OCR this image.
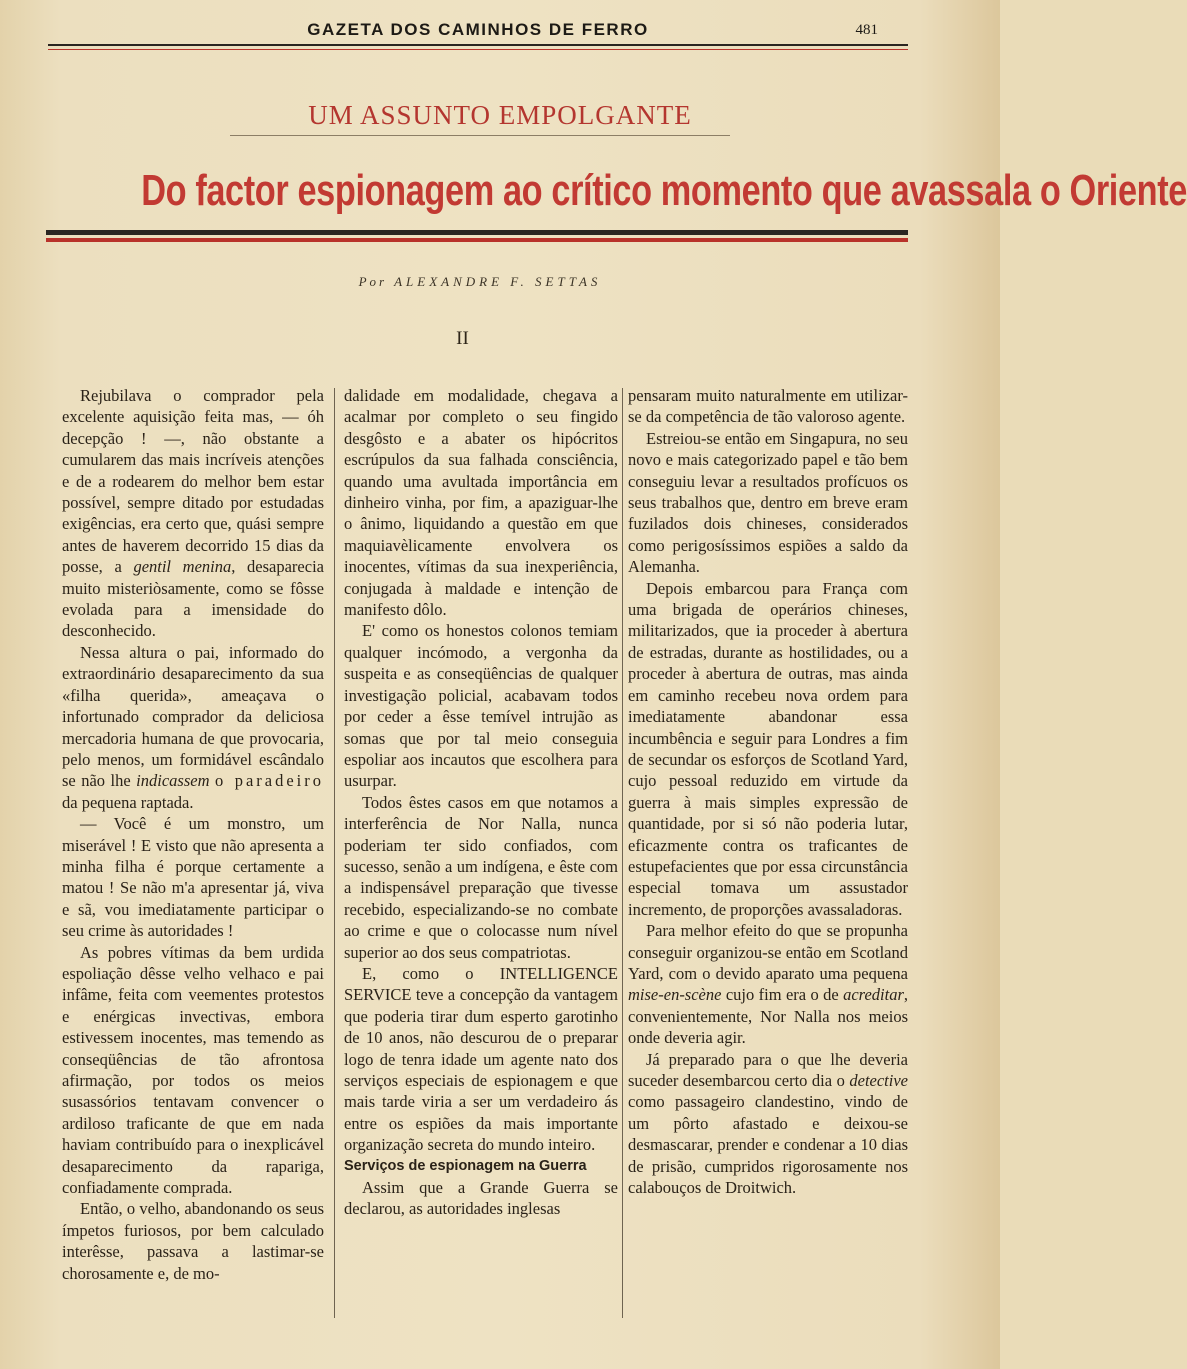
GAZETA DOS CAMINHOS DE FERRO	481
UM ASSUNTO EMPOLGANTE
Do factor espionagem ao crítico momento que avassala o Oriente
Por ALEXANDRE F. SETTAS
II

Rejubilava o comprador pela excelente aquisição feita mas, — óh decepção ! —, não obstante a cumularem das mais incríveis atenções e de a rodearem do melhor bem estar possível, sempre ditado por estudadas exigências, era certo que, quási sempre antes de haverem decorrido 15 dias da posse, a gentil menina, desaparecia muito misteriòsamente, como se fôsse evolada para a imensidade do desconhecido.

Nessa altura o pai, informado do extraordinário desaparecimento da sua «filha querida», ameaçava o infortunado comprador da deliciosa mercadoria humana de que provocaria, pelo menos, um formidável escândalo se não lhe indicassem o paradeiro da pequena raptada.

— Você é um monstro, um miserável ! E visto que não apresenta a minha filha é porque certamente a matou ! Se não m'a apresentar já, viva e sã, vou imediatamente participar o seu crime às autoridades !

As pobres vítimas da bem urdida espoliação dêsse velho velhaco e pai infâme, feita com veementes protestos e enérgicas invectivas, embora estivessem inocentes, mas temendo as conseqüências de tão afrontosa afirmação, por todos os meios susassórios tentavam convencer o ardiloso traficante de que em nada haviam contribuído para o inexplicável desaparecimento da rapariga, confiadamente comprada.

Então, o velho, abandonando os seus ímpetos furiosos, por bem calculado interêsse, passava a lastimar-se chorosamente e, de mo-

dalidade em modalidade, chegava a acalmar por completo o seu fingido desgôsto e a abater os hipócritos escrúpulos da sua falhada consciência, quando uma avultada importância em dinheiro vinha, por fim, a apaziguar-lhe o ânimo, liquidando a questão em que maquiavèlicamente envolvera os inocentes, vítimas da sua inexperiência, conjugada à maldade e intenção de manifesto dôlo.

E' como os honestos colonos temiam qualquer incómodo, a vergonha da suspeita e as conseqüências de qualquer investigação policial, acabavam todos por ceder a êsse temível intrujão as somas que por tal meio conseguia espoliar aos incautos que escolhera para usurpar.

Todos êstes casos em que notamos a interferência de Nor Nalla, nunca poderiam ter sido confiados, com sucesso, senão a um indígena, e êste com a indispensável preparação que tivesse recebido, especializando-se no combate ao crime e que o colocasse num nível superior ao dos seus compatriotas.

E, como o INTELLIGENCE SERVICE teve a concepção da vantagem que poderia tirar dum esperto garotinho de 10 anos, não descurou de o preparar logo de tenra idade um agente nato dos serviços especiais de espionagem e que mais tarde viria a ser um verdadeiro ás entre os espiões da mais importante organização secreta do mundo inteiro.

Serviços de espionagem na Guerra

Assim que a Grande Guerra se declarou, as autoridades inglesas

pensaram muito naturalmente em utilizar-se da competência de tão valoroso agente.

Estreiou-se então em Singapura, no seu novo e mais categorizado papel e tão bem conseguiu levar a resultados profícuos os seus trabalhos que, dentro em breve eram fuzilados dois chineses, considerados como perigosíssimos espiões a saldo da Alemanha.

Depois embarcou para França com uma brigada de operários chineses, militarizados, que ia proceder à abertura de estradas, durante as hostilidades, ou a proceder à abertura de outras, mas ainda em caminho recebeu nova ordem para imediatamente abandonar essa incumbência e seguir para Londres a fim de secundar os esforços de Scotland Yard, cujo pessoal reduzido em virtude da guerra à mais simples expressão de quantidade, por si só não poderia lutar, eficazmente contra os traficantes de estupefacientes que por essa circunstância especial tomava um assustador incremento, de proporções avassaladoras.

Para melhor efeito do que se propunha conseguir organizou-se então em Scotland Yard, com o devido aparato uma pequena mise-en-scène cujo fim era o de acreditar, convenientemente, Nor Nalla nos meios onde deveria agir.

Já preparado para o que lhe deveria suceder desembarcou certo dia o detective como passageiro clandestino, vindo de um pôrto afastado e deixou-se desmascarar, prender e condenar a 10 dias de prisão, cumpridos rigorosamente nos calabouços de Droitwich.
